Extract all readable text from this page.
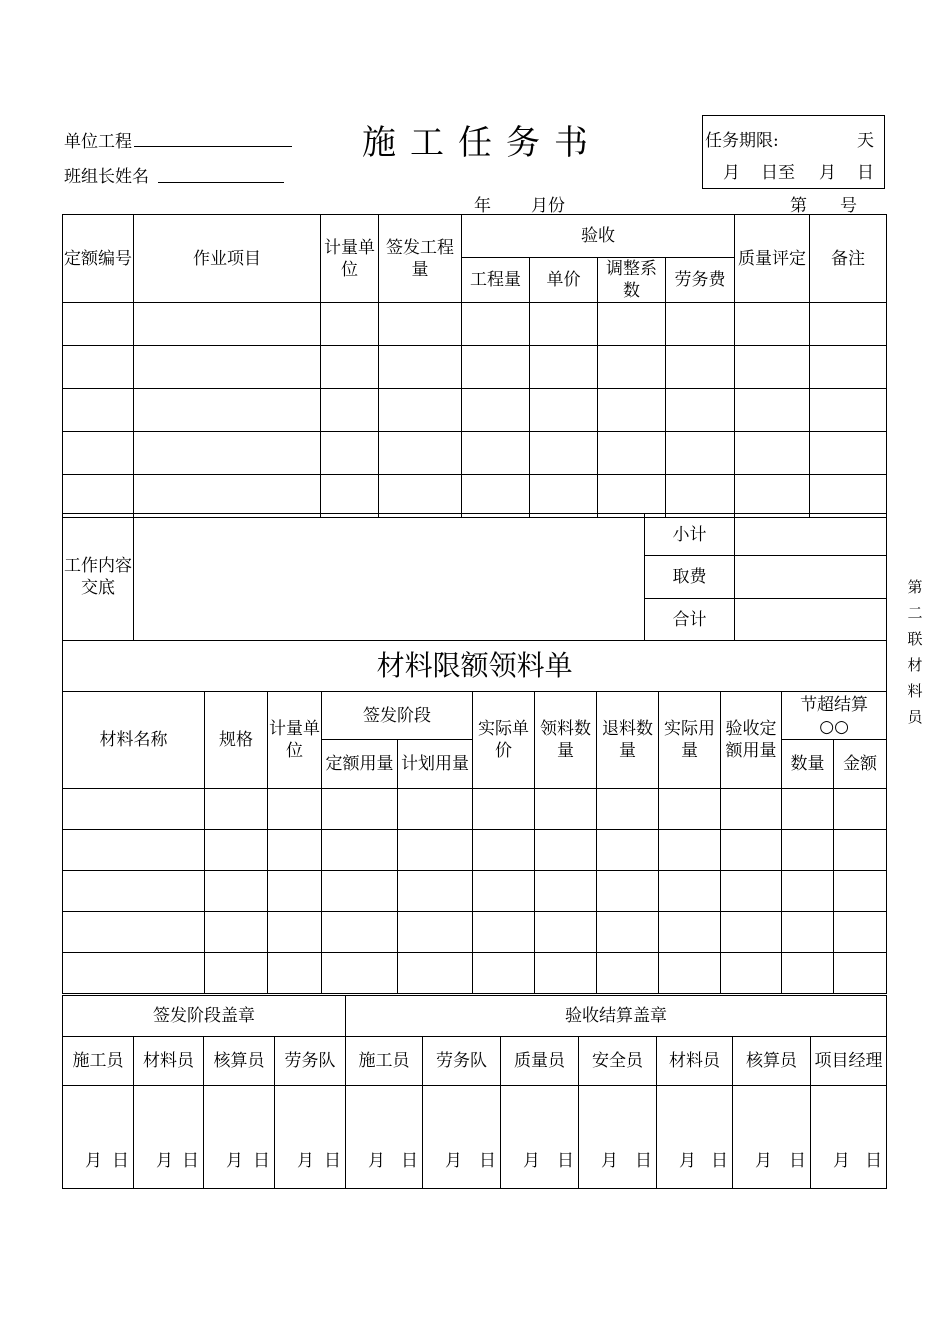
单位工程
班组长姓名
施工任务书	任务期限:	天
月 日至 月 日
年 月份	第 号
定额编号	作业项目	计量单位	签发工程量	验收				质量评定	备注
				工程量	单价	调整系数	劳务费		

工作内容交底		小计	
		取费	
		合计	
材料限额领料单											
材料名称	规格	计量单位	签发阶段		实际单价	领料数量	退料数量	实际用量	验收定额用量	节超结算
○○	

			定额用量	计划用量						数量	金额

签发阶段盖章				验收结算盖章						
施工员	材料员	核算员	劳务队	施工员	劳务队	质量员	安全员	材料员	核算员	项目经理

月 日	月 日	月 日	月 日	月 日	月 日	月 日	月 日	月 日	月 日	月 日
第二联 材料员
